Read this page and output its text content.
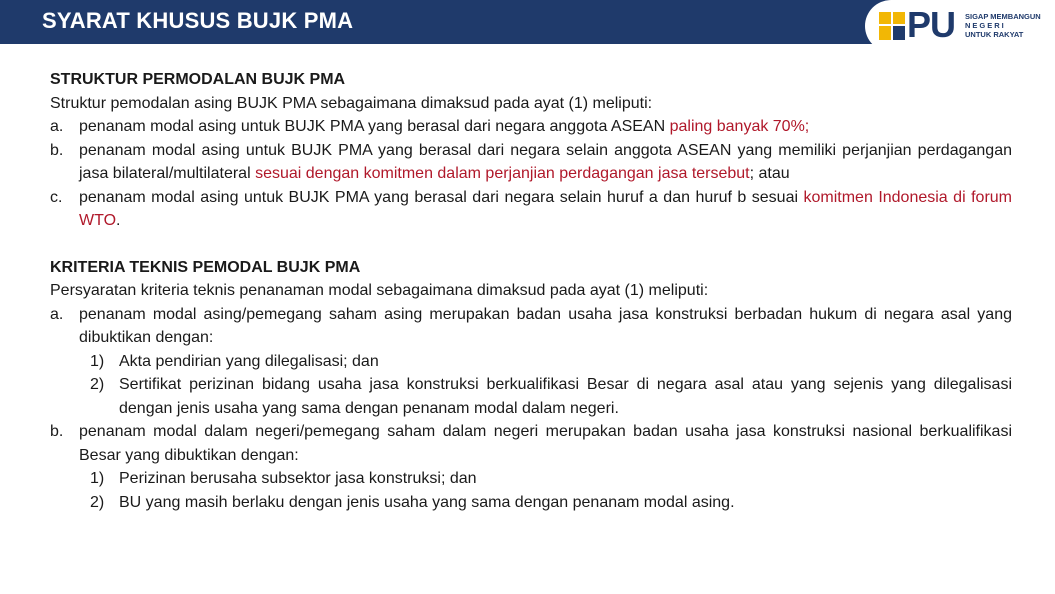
SYARAT KHUSUS BUJK PMA	PU SIGAP MEMBANGUN
NEGERI
UNTUK RAKYAT

STRUKTUR PERMODALAN BUJK PMA

Struktur pemodalan asing BUJK PMA sebagaimana dimaksud pada ayat (1) meliputi:

a. penanam modal asing untuk BUJK PMA yang berasal dari negara anggota ASEAN paling banyak 70%;

b. penanam modal asing untuk BUJK PMA yang berasal dari negara selain anggota ASEAN yang memiliki perjanjian perdagangan jasa bilateral/multilateral sesuai dengan komitmen dalam perjanjian perdagangan jasa tersebut; atau

c. penanam modal asing untuk BUJK PMA yang berasal dari negara selain huruf a dan huruf b sesuai komitmen Indonesia di forum WTO.

KRITERIA TEKNIS PEMODAL BUJK PMA

Persyaratan kriteria teknis penanaman modal sebagaimana dimaksud pada ayat (1) meliputi:

a. penanam modal asing/pemegang saham asing merupakan badan usaha jasa konstruksi berbadan hukum di negara asal yang dibuktikan dengan:

1) Akta pendirian yang dilegalisasi; dan

2) Sertifikat perizinan bidang usaha jasa konstruksi berkualifikasi Besar di negara asal atau yang sejenis yang dilegalisasi dengan jenis usaha yang sama dengan penanam modal dalam negeri.

b. penanam modal dalam negeri/pemegang saham dalam negeri merupakan badan usaha jasa konstruksi nasional berkualifikasi Besar yang dibuktikan dengan:

1) Perizinan berusaha subsektor jasa konstruksi; dan

2) BU yang masih berlaku dengan jenis usaha yang sama dengan penanam modal asing.
